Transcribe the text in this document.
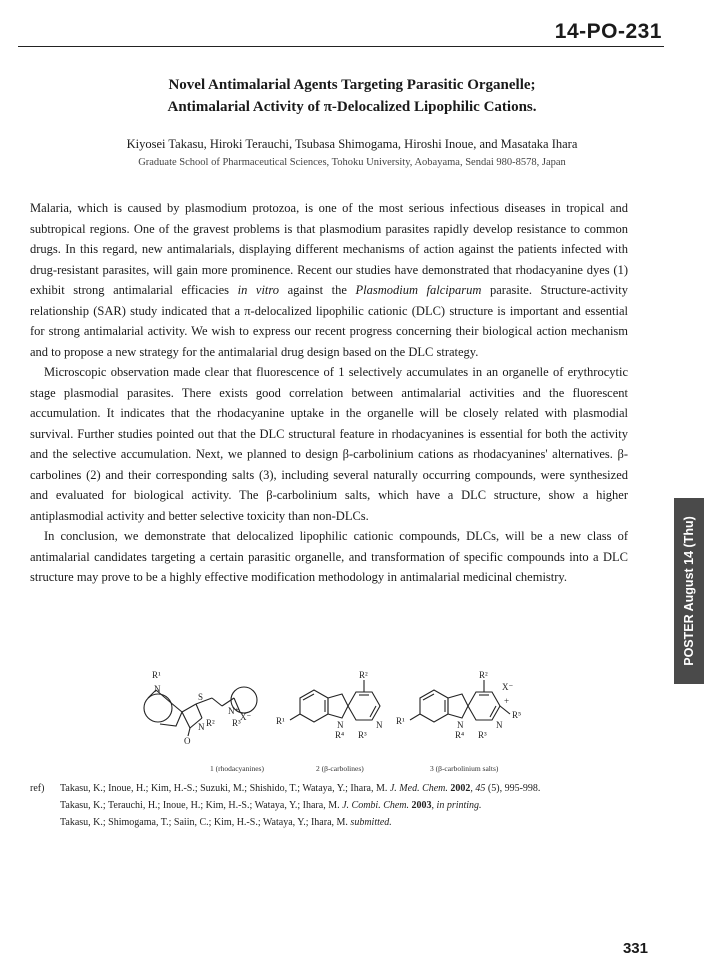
14-PO-231
Novel Antimalarial Agents Targeting Parasitic Organelle;
Antimalarial Activity of π-Delocalized Lipophilic Cations.
Kiyosei Takasu, Hiroki Terauchi, Tsubasa Shimogama, Hiroshi Inoue, and Masataka Ihara
Graduate School of Pharmaceutical Sciences, Tohoku University, Aobayama, Sendai 980-8578, Japan

Malaria, which is caused by plasmodium protozoa, is one of the most serious infectious diseases in tropical and subtropical regions. One of the gravest problems is that plasmodium parasites rapidly develop resistance to common drugs. In this regard, new antimalarials, displaying different mechanisms of action against the patients infected with drug-resistant parasites, will gain more prominence. Recent our studies have demonstrated that rhodacyanine dyes (1) exhibit strong antimalarial efficacies in vitro against the Plasmodium falciparum parasite. Structure-activity relationship (SAR) study indicated that a π-delocalized lipophilic cationic (DLC) structure is important and essential for strong antimalarial activity. We wish to express our recent progress concerning their biological action mechanism and to propose a new strategy for the antimalarial drug design based on the DLC strategy.

Microscopic observation made clear that fluorescence of 1 selectively accumulates in an organelle of erythrocytic stage plasmodial parasites. There exists good correlation between antimalarial activities and the fluorescent accumulation. It indicates that the rhodacyanine uptake in the organelle will be closely related with plasmodial survival. Further studies pointed out that the DLC structural feature in rhodacyanines is essential for both the activity and the selective accumulation. Next, we planned to design β-carbolinium cations as rhodacyanines' alternatives. β-carbolines (2) and their corresponding salts (3), including several naturally occurring compounds, were synthesized and evaluated for biological activity. The β-carbolinium salts, which have a DLC structure, show a higher antiplasmodial activity and better selective toxicity than non-DLCs.

In conclusion, we demonstrate that delocalized lipophilic cationic compounds, DLCs, will be a new class of antimalarial candidates targeting a certain parasitic organelle, and transformation of specific compounds into a DLC structure may prove to be a highly effective modification methodology in antimalarial medicinal chemistry.

R¹
N
S
O
N R²
N⁺
R³
X⁻
R²
R¹	N
R⁴
N
R³
R²
X⁻
R¹	N
R⁴
N
+
R⁵
R³
1 (rhodacyanines)	2 (β-carbolines)	3 (β-carbolinium salts)
ref) Takasu, K.; Inoue, H.; Kim, H.-S.; Suzuki, M.; Shishido, T.; Wataya, Y.; Ihara, M. J. Med. Chem. 2002, 45 (5), 995-998.
Takasu, K.; Terauchi, H.; Inoue, H.; Kim, H.-S.; Wataya, Y.; Ihara, M. J. Combi. Chem. 2003, in printing.
Takasu, K.; Shimogama, T.; Saiin, C.; Kim, H.-S.; Wataya, Y.; Ihara, M. submitted.
POSTER August 14 (Thu)
331
